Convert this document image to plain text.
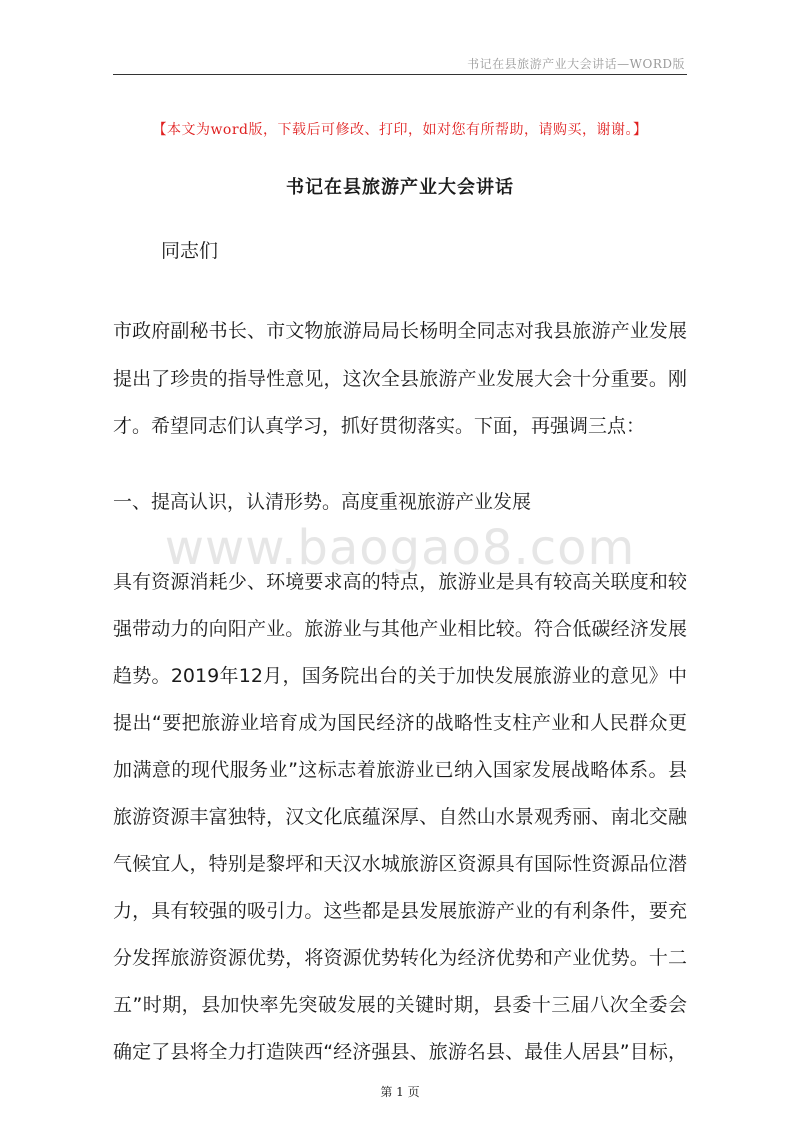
书记在县旅游产业大会讲话—WORD版
【本文为word版，下载后可修改、打印，如对您有所帮助，请购买，谢谢。】
书记在县旅游产业大会讲话
同志们
市政府副秘书长、市文物旅游局局长杨明全同志对我县旅游产业发展
提出了珍贵的指导性意见，这次全县旅游产业发展大会十分重要。刚
才。希望同志们认真学习，抓好贯彻落实。下面，再强调三点：
一、提高认识，认清形势。高度重视旅游产业发展
www.baogao8.com
具有资源消耗少、环境要求高的特点，旅游业是具有较高关联度和较
强带动力的向阳产业。旅游业与其他产业相比较。符合低碳经济发展
趋势。2019年12月，国务院出台的关于加快发展旅游业的意见》中
提出“要把旅游业培育成为国民经济的战略性支柱产业和人民群众更
加满意的现代服务业”这标志着旅游业已纳入国家发展战略体系。县
旅游资源丰富独特，汉文化底蕴深厚、自然山水景观秀丽、南北交融
气候宜人，特别是黎坪和天汉水城旅游区资源具有国际性资源品位潜
力，具有较强的吸引力。这些都是县发展旅游产业的有利条件，要充
分发挥旅游资源优势，将资源优势转化为经济优势和产业优势。十二
五”时期，县加快率先突破发展的关键时期，县委十三届八次全委会
确定了县将全力打造陕西“经济强县、旅游名县、最佳人居县”目标，
第 1 页
